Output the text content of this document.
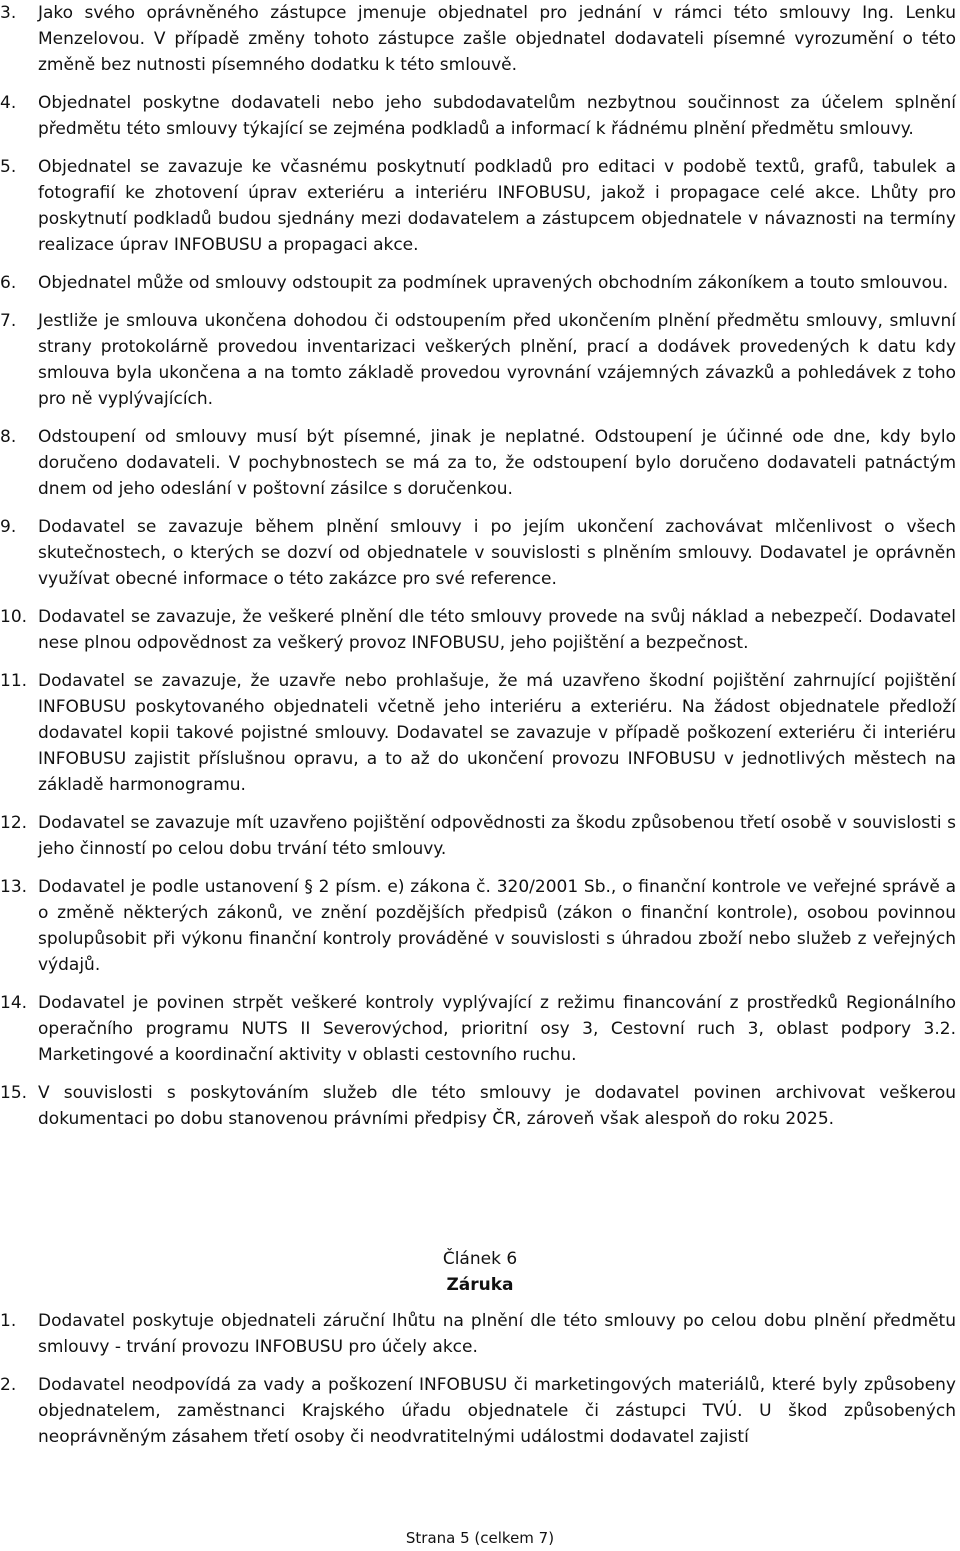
3. Jako svého oprávněného zástupce jmenuje objednatel pro jednání v rámci této smlouvy Ing. Lenku Menzelovou. V případě změny tohoto zástupce zašle objednatel dodavateli písemné vyrozumění o této změně bez nutnosti písemného dodatku k této smlouvě.
4. Objednatel poskytne dodavateli nebo jeho subdodavatelům nezbytnou součinnost za účelem splnění předmětu této smlouvy týkající se zejména podkladů a informací k řádnému plnění předmětu smlouvy.
5. Objednatel se zavazuje ke včasnému poskytnutí podkladů pro editaci v podobě textů, grafů, tabulek a fotografií ke zhotovení úprav exteriéru a interiéru INFOBUSU, jakož i propagace celé akce. Lhůty pro poskytnutí podkladů budou sjednány mezi dodavatelem a zástupcem objednatele v návaznosti na termíny realizace úprav INFOBUSU a propagaci akce.
6. Objednatel může od smlouvy odstoupit za podmínek upravených obchodním zákoníkem a touto smlouvou.
7. Jestliže je smlouva ukončena dohodou či odstoupením před ukončením plnění předmětu smlouvy, smluvní strany protokolárně provedou inventarizaci veškerých plnění, prací a dodávek provedených k datu kdy smlouva byla ukončena a na tomto základě provedou vyrovnání vzájemných závazků a pohledávek z toho pro ně vyplývajících.
8. Odstoupení od smlouvy musí být písemné, jinak je neplatné. Odstoupení je účinné ode dne, kdy bylo doručeno dodavateli. V pochybnostech se má za to, že odstoupení bylo doručeno dodavateli patnáctým dnem od jeho odeslání v poštovní zásilce s doručenkou.
9. Dodavatel se zavazuje během plnění smlouvy i po jejím ukončení zachovávat mlčenlivost o všech skutečnostech, o kterých se dozví od objednatele v souvislosti s plněním smlouvy. Dodavatel je oprávněn využívat obecné informace o této zakázce pro své reference.
10. Dodavatel se zavazuje, že veškeré plnění dle této smlouvy provede na svůj náklad a nebezpečí. Dodavatel nese plnou odpovědnost za veškerý provoz INFOBUSU, jeho pojištění a bezpečnost.
11. Dodavatel se zavazuje, že uzavře nebo prohlašuje, že má uzavřeno škodní pojištění zahrnující pojištění INFOBUSU poskytovaného objednateli včetně jeho interiéru a exteriéru. Na žádost objednatele předloží dodavatel kopii takové pojistné smlouvy. Dodavatel se zavazuje v případě poškození exteriéru či interiéru INFOBUSU zajistit příslušnou opravu, a to až do ukončení provozu INFOBUSU v jednotlivých městech na základě harmonogramu.
12. Dodavatel se zavazuje mít uzavřeno pojištění odpovědnosti za škodu způsobenou třetí osobě v souvislosti s jeho činností po celou dobu trvání této smlouvy.
13. Dodavatel je podle ustanovení § 2 písm. e) zákona č. 320/2001 Sb., o finanční kontrole ve veřejné správě a o změně některých zákonů, ve znění pozdějších předpisů (zákon o finanční kontrole), osobou povinnou spolupůsobit při výkonu finanční kontroly prováděné v souvislosti s úhradou zboží nebo služeb z veřejných výdajů.
14. Dodavatel je povinen strpět veškeré kontroly vyplývající z režimu financování z prostředků Regionálního operačního programu NUTS II Severovýchod, prioritní osy 3, Cestovní ruch 3, oblast podpory 3.2. Marketingové a koordinační aktivity v oblasti cestovního ruchu.
15. V souvislosti s poskytováním služeb dle této smlouvy je dodavatel povinen archivovat veškerou dokumentaci po dobu stanovenou právními předpisy ČR, zároveň však alespoň do roku 2025.
Článek 6
Záruka
1. Dodavatel poskytuje objednateli záruční lhůtu na plnění dle této smlouvy po celou dobu plnění předmětu smlouvy - trvání provozu INFOBUSU pro účely akce.
2. Dodavatel neodpovídá za vady a poškození INFOBUSU či marketingových materiálů, které byly způsobeny objednatelem, zaměstnanci Krajského úřadu objednatele či zástupci TVÚ. U škod způsobených neoprávněným zásahem třetí osoby či neodvratitelnými událostmi dodavatel zajistí
Strana 5 (celkem 7)
